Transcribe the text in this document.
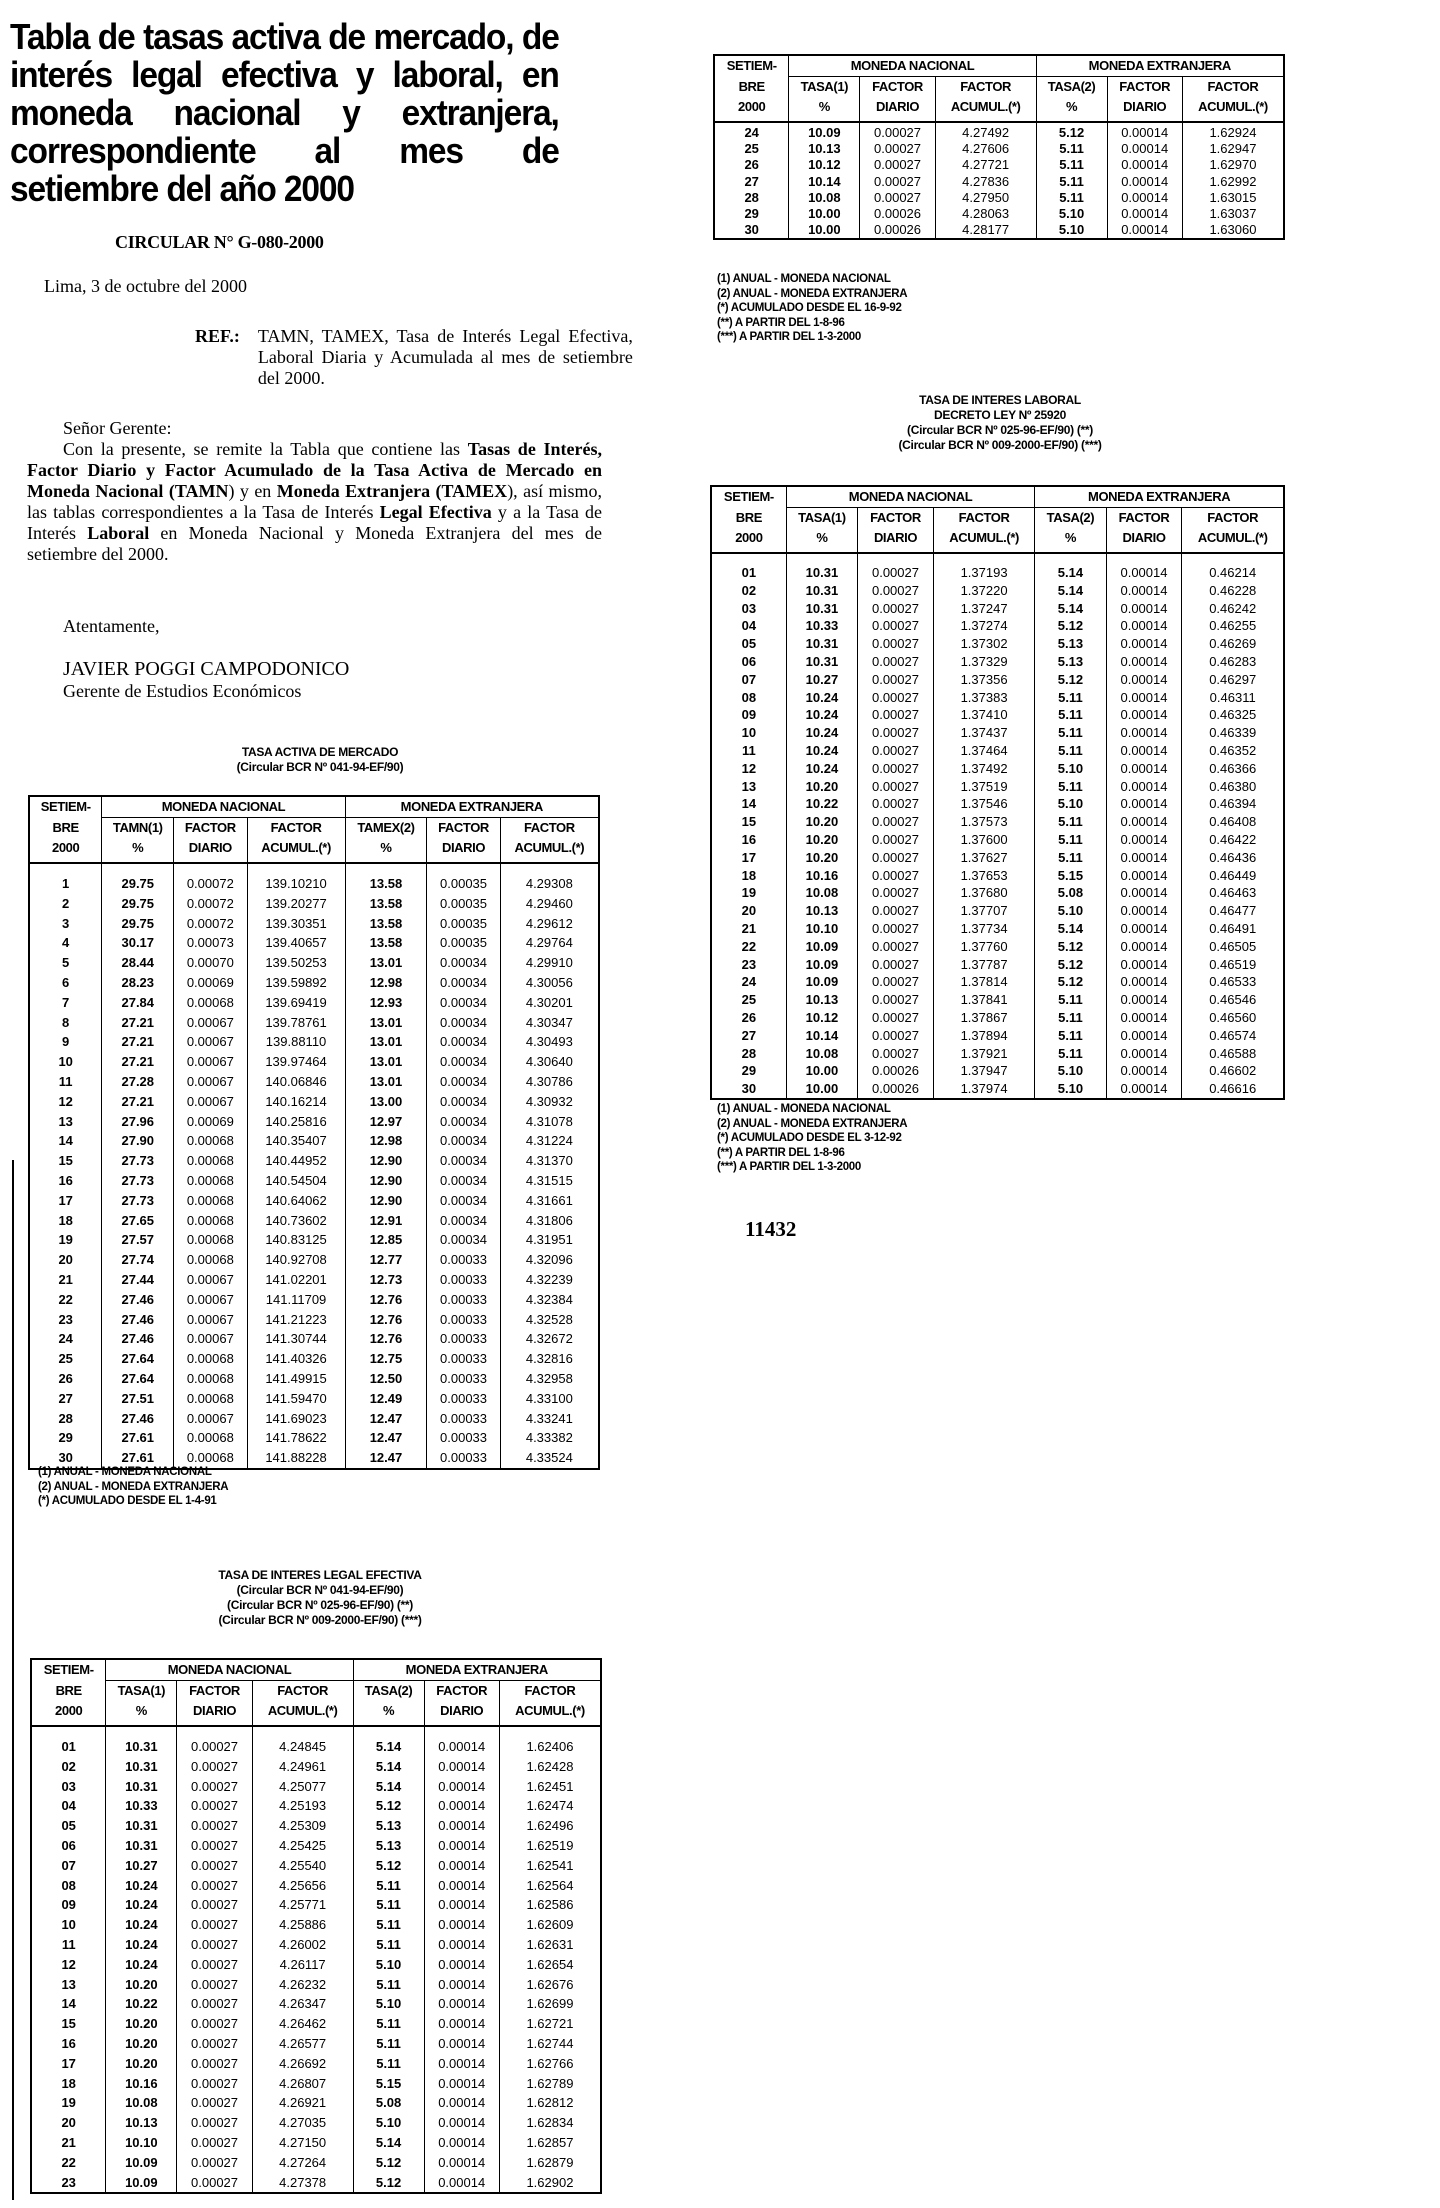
Tabla de tasas activa de mercado, de interés legal efectiva y laboral, en moneda nacional y extranjera, correspondiente al mes de setiembre del año 2000
CIRCULAR N° G-080-2000
Lima, 3 de octubre del 2000
REF.: TAMN, TAMEX, Tasa de Interés Legal Efectiva, Laboral Diaria y Acumulada al mes de setiembre del 2000.
Señor Gerente:

Con la presente, se remite la Tabla que contiene las Tasas de Interés, Factor Diario y Factor Acumulado de la Tasa Activa de Mercado en Moneda Nacional (TAMN) y en Moneda Extranjera (TAMEX), así mismo, las tablas correspondientes a la Tasa de Interés Legal Efectiva y a la Tasa de Interés Laboral en Moneda Nacional y Moneda Extranjera del mes de setiembre del 2000.

Atentamente,
JAVIER POGGI CAMPODONICO
Gerente de Estudios Económicos
TASA ACTIVA DE MERCADO
(Circular BCR Nº 041-94-EF/90)
SETIEM-	MONEDA NACIONAL			MONEDA EXTRANJERA		
BRE	TAMN(1)	FACTOR	FACTOR	TAMEX(2)	FACTOR	FACTOR
2000	%	DIARIO	ACUMUL.(*)	%	DIARIO	ACUMUL.(*)
1	29.75	0.00072	139.10210	13.58	0.00035	4.29308
2	29.75	0.00072	139.20277	13.58	0.00035	4.29460
3	29.75	0.00072	139.30351	13.58	0.00035	4.29612
4	30.17	0.00073	139.40657	13.58	0.00035	4.29764
5	28.44	0.00070	139.50253	13.01	0.00034	4.29910
6	28.23	0.00069	139.59892	12.98	0.00034	4.30056
7	27.84	0.00068	139.69419	12.93	0.00034	4.30201
8	27.21	0.00067	139.78761	13.01	0.00034	4.30347
9	27.21	0.00067	139.88110	13.01	0.00034	4.30493
10	27.21	0.00067	139.97464	13.01	0.00034	4.30640
11	27.28	0.00067	140.06846	13.01	0.00034	4.30786
12	27.21	0.00067	140.16214	13.00	0.00034	4.30932
13	27.96	0.00069	140.25816	12.97	0.00034	4.31078
14	27.90	0.00068	140.35407	12.98	0.00034	4.31224
15	27.73	0.00068	140.44952	12.90	0.00034	4.31370
16	27.73	0.00068	140.54504	12.90	0.00034	4.31515
17	27.73	0.00068	140.64062	12.90	0.00034	4.31661
18	27.65	0.00068	140.73602	12.91	0.00034	4.31806
19	27.57	0.00068	140.83125	12.85	0.00034	4.31951
20	27.74	0.00068	140.92708	12.77	0.00033	4.32096
21	27.44	0.00067	141.02201	12.73	0.00033	4.32239
22	27.46	0.00067	141.11709	12.76	0.00033	4.32384
23	27.46	0.00067	141.21223	12.76	0.00033	4.32528
24	27.46	0.00067	141.30744	12.76	0.00033	4.32672
25	27.64	0.00068	141.40326	12.75	0.00033	4.32816
26	27.64	0.00068	141.49915	12.50	0.00033	4.32958
27	27.51	0.00068	141.59470	12.49	0.00033	4.33100
28	27.46	0.00067	141.69023	12.47	0.00033	4.33241
29	27.61	0.00068	141.78622	12.47	0.00033	4.33382
30	27.61	0.00068	141.88228	12.47	0.00033	4.33524
(1) ANUAL - MONEDA NACIONAL
(2) ANUAL - MONEDA EXTRANJERA
(*) ACUMULADO DESDE EL 1-4-91
TASA DE INTERES LEGAL EFECTIVA
(Circular BCR Nº 041-94-EF/90)
(Circular BCR Nº 025-96-EF/90) (**)
(Circular BCR Nº 009-2000-EF/90) (***)
SETIEM-	MONEDA NACIONAL			MONEDA EXTRANJERA		
BRE	TASA(1)	FACTOR	FACTOR	TASA(2)	FACTOR	FACTOR
2000	%	DIARIO	ACUMUL.(*)	%	DIARIO	ACUMUL.(*)
01	10.31	0.00027	4.24845	5.14	0.00014	1.62406
02	10.31	0.00027	4.24961	5.14	0.00014	1.62428
03	10.31	0.00027	4.25077	5.14	0.00014	1.62451
04	10.33	0.00027	4.25193	5.12	0.00014	1.62474
05	10.31	0.00027	4.25309	5.13	0.00014	1.62496
06	10.31	0.00027	4.25425	5.13	0.00014	1.62519
07	10.27	0.00027	4.25540	5.12	0.00014	1.62541
08	10.24	0.00027	4.25656	5.11	0.00014	1.62564
09	10.24	0.00027	4.25771	5.11	0.00014	1.62586
10	10.24	0.00027	4.25886	5.11	0.00014	1.62609
11	10.24	0.00027	4.26002	5.11	0.00014	1.62631
12	10.24	0.00027	4.26117	5.10	0.00014	1.62654
13	10.20	0.00027	4.26232	5.11	0.00014	1.62676
14	10.22	0.00027	4.26347	5.10	0.00014	1.62699
15	10.20	0.00027	4.26462	5.11	0.00014	1.62721
16	10.20	0.00027	4.26577	5.11	0.00014	1.62744
17	10.20	0.00027	4.26692	5.11	0.00014	1.62766
18	10.16	0.00027	4.26807	5.15	0.00014	1.62789
19	10.08	0.00027	4.26921	5.08	0.00014	1.62812
20	10.13	0.00027	4.27035	5.10	0.00014	1.62834
21	10.10	0.00027	4.27150	5.14	0.00014	1.62857
22	10.09	0.00027	4.27264	5.12	0.00014	1.62879
23	10.09	0.00027	4.27378	5.12	0.00014	1.62902
SETIEM-	MONEDA NACIONAL			MONEDA EXTRANJERA		
BRE	TASA(1)	FACTOR	FACTOR	TASA(2)	FACTOR	FACTOR
2000	%	DIARIO	ACUMUL.(*)	%	DIARIO	ACUMUL.(*)
24	10.09	0.00027	4.27492	5.12	0.00014	1.62924
25	10.13	0.00027	4.27606	5.11	0.00014	1.62947
26	10.12	0.00027	4.27721	5.11	0.00014	1.62970
27	10.14	0.00027	4.27836	5.11	0.00014	1.62992
28	10.08	0.00027	4.27950	5.11	0.00014	1.63015
29	10.00	0.00026	4.28063	5.10	0.00014	1.63037
30	10.00	0.00026	4.28177	5.10	0.00014	1.63060
(1) ANUAL - MONEDA NACIONAL
(2) ANUAL - MONEDA EXTRANJERA
(*) ACUMULADO DESDE EL 16-9-92
(**) A PARTIR DEL 1-8-96
(***) A PARTIR DEL 1-3-2000
TASA DE INTERES LABORAL
DECRETO LEY Nº 25920
(Circular BCR Nº 025-96-EF/90) (**)
(Circular BCR Nº 009-2000-EF/90) (***)
SETIEM-	MONEDA NACIONAL			MONEDA EXTRANJERA		
BRE	TASA(1)	FACTOR	FACTOR	TASA(2)	FACTOR	FACTOR
2000	%	DIARIO	ACUMUL.(*)	%	DIARIO	ACUMUL.(*)
01	10.31	0.00027	1.37193	5.14	0.00014	0.46214
02	10.31	0.00027	1.37220	5.14	0.00014	0.46228
03	10.31	0.00027	1.37247	5.14	0.00014	0.46242
04	10.33	0.00027	1.37274	5.12	0.00014	0.46255
05	10.31	0.00027	1.37302	5.13	0.00014	0.46269
06	10.31	0.00027	1.37329	5.13	0.00014	0.46283
07	10.27	0.00027	1.37356	5.12	0.00014	0.46297
08	10.24	0.00027	1.37383	5.11	0.00014	0.46311
09	10.24	0.00027	1.37410	5.11	0.00014	0.46325
10	10.24	0.00027	1.37437	5.11	0.00014	0.46339
11	10.24	0.00027	1.37464	5.11	0.00014	0.46352
12	10.24	0.00027	1.37492	5.10	0.00014	0.46366
13	10.20	0.00027	1.37519	5.11	0.00014	0.46380
14	10.22	0.00027	1.37546	5.10	0.00014	0.46394
15	10.20	0.00027	1.37573	5.11	0.00014	0.46408
16	10.20	0.00027	1.37600	5.11	0.00014	0.46422
17	10.20	0.00027	1.37627	5.11	0.00014	0.46436
18	10.16	0.00027	1.37653	5.15	0.00014	0.46449
19	10.08	0.00027	1.37680	5.08	0.00014	0.46463
20	10.13	0.00027	1.37707	5.10	0.00014	0.46477
21	10.10	0.00027	1.37734	5.14	0.00014	0.46491
22	10.09	0.00027	1.37760	5.12	0.00014	0.46505
23	10.09	0.00027	1.37787	5.12	0.00014	0.46519
24	10.09	0.00027	1.37814	5.12	0.00014	0.46533
25	10.13	0.00027	1.37841	5.11	0.00014	0.46546
26	10.12	0.00027	1.37867	5.11	0.00014	0.46560
27	10.14	0.00027	1.37894	5.11	0.00014	0.46574
28	10.08	0.00027	1.37921	5.11	0.00014	0.46588
29	10.00	0.00026	1.37947	5.10	0.00014	0.46602
30	10.00	0.00026	1.37974	5.10	0.00014	0.46616
(1) ANUAL - MONEDA NACIONAL
(2) ANUAL - MONEDA EXTRANJERA
(*) ACUMULADO DESDE EL 3-12-92
(**) A PARTIR DEL 1-8-96
(***) A PARTIR DEL 1-3-2000
11432
